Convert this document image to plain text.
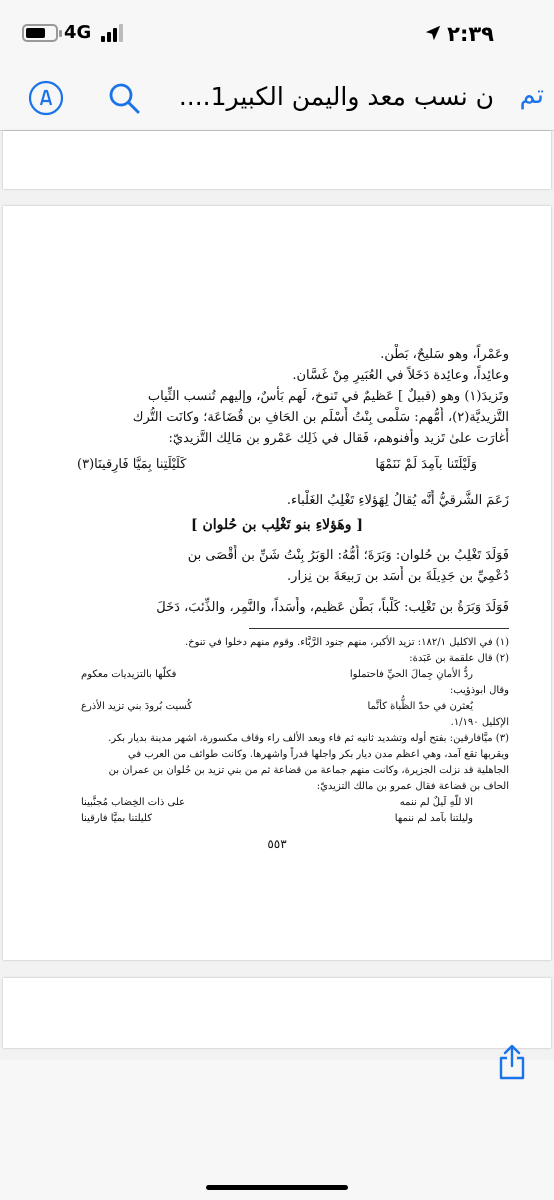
4G	٢:٣٩
ن نسب معد واليمن الكبير1.... تم

وعَمْراً، وهو سَليحٌ، بَطْن.

وعائِداً، وعائِدة دَخَلاً في العُبَيرِ مِنْ غَسَّان.

وتَزيدَ(١) وهو (قبيلٌ ] عَظيمٌ في تَنوخ، لَهم بَأسٌ، وإليهم تُنسب الثِّياب

التَّزيديَّة(٢)، أُمُّهم: سَلْمى بِنْتُ أَسْلَم بن الحَافِ بن قُضَاعَة؛ وكانَت التُّرك

أَغارَت علىٰ تَزيد وأفنوهم، فَقال في ذَلِك عَمْرو بن مَالِك التَّزيديّ:

وَلَيْلَتَنا بآمِدَ لَمْ نَنَمْهَا
كَلَيْلَتِنا بِمَيَّا فَارِقينَا(٣)

زَعَمَ الشَّرقيُّ أَنَّه يُقالُ لِهَؤلاءِ تَغْلِبُ الغَلْباء.

[ وهَؤلاءِ بنو تَغْلِب بن حُلوان ]

فَوَلَدَ تَغْلِبُ بن حُلوان: وَبَرَةَ؛ أُمُّهُ: الوَبَرُ بِنْتُ شَنِّ بن أَقْصَى بن

دُعْمِيِّ بن جَدِيلَةَ بن أَسَد بن رَبيعَةَ بن نِزار.

فَوَلَدَ وَبَرَةُ بن تَغْلِب: كَلْباً، بَطْن عَظيم، وأَسَداً، والنَّمِر، والذِّئبَ، دَخَلَ

(١) في الاكليل ١٨٢/١: تزيد الأكبر، منهم جنود الرَّبَّاء. وقوم منهم دخلوا في تنوخ.

(٢) قال علقمة بن عَبَدة:

ردُّ الأمانِ جِمالَ الحيِّ فاحتملوا
فكلّها بالتزيديات معكوم

وقال ابوذؤيب:

يُعثرن في حدّ الظُّباة كأنَّما
كُسيت بُرودَ بني تزيد الأذرع

الإكليل ١/١٩٠.

(٣) ميَّافارقين: بفتح أوله وتشديد ثانيه ثم فاء وبعد الألف راء وقاف مكسورة، اشهر مدينة بديار بكر.

ويقربها تقع آمد، وهي اعظم مدن ديار بكر واجلها قدراً واشهرها. وكانت طوائف من العرب في

الجاهلية قد نزلت الجزيرة، وكانت منهم جماعة من قضاعة ثم من بني تزيد بن حُلوان بن عمران بن

الحاف بن قضاعة فقال عمرو بن مالك التزيديّ:

الا للّهِ لَيلٌ لم ننمه
على ذات الخِضاب مُجنَّبينا
وليلتنا بآمد لم ننمها
كليلتنا بميَّا فارقينا
٥٥٣
